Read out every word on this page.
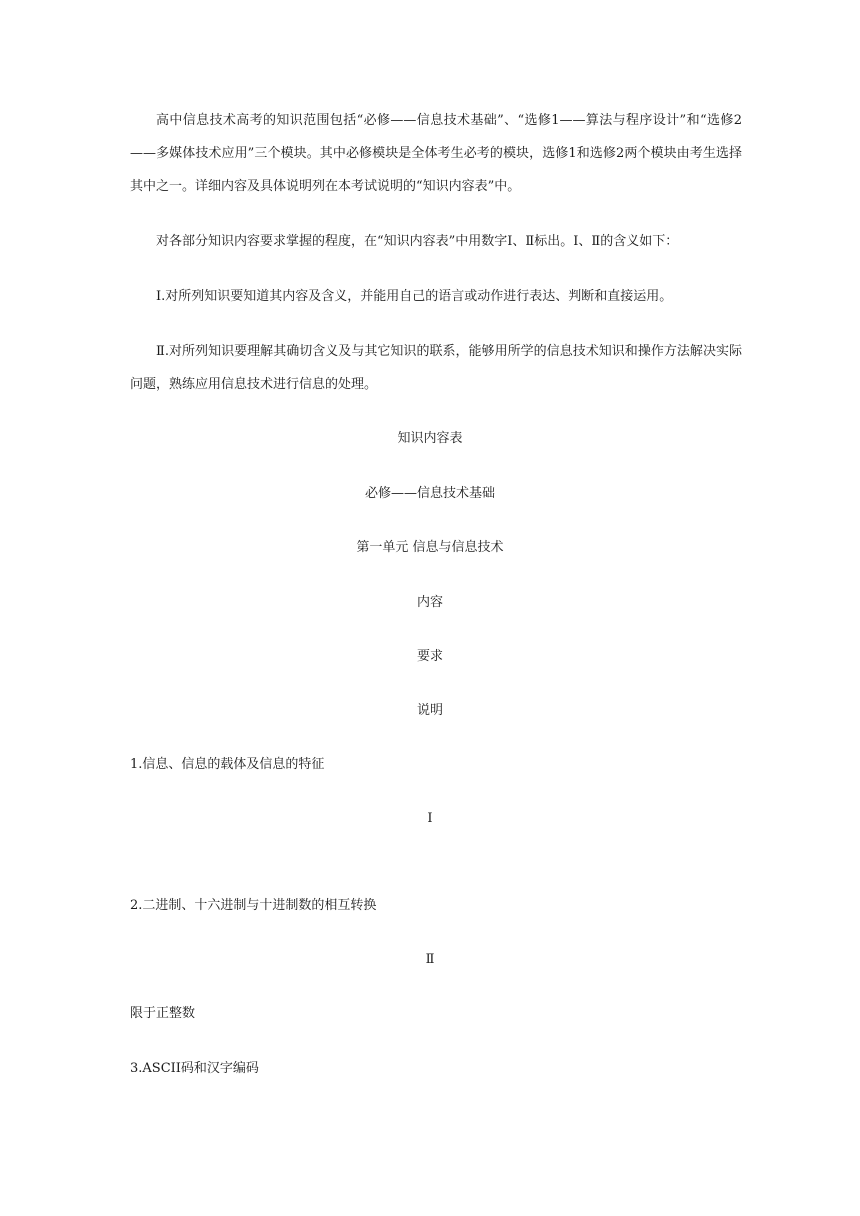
高中信息技术高考的知识范围包括“必修——信息技术基础”、“选修1——算法与程序设计”和“选修2——多媒体技术应用”三个模块。其中必修模块是全体考生必考的模块，选修1和选修2两个模块由考生选择其中之一。详细内容及具体说明列在本考试说明的“知识内容表”中。

对各部分知识内容要求掌握的程度，在“知识内容表”中用数字Ⅰ、Ⅱ标出。Ⅰ、Ⅱ的含义如下：

Ⅰ.对所列知识要知道其内容及含义，并能用自己的语言或动作进行表达、判断和直接运用。

Ⅱ.对所列知识要理解其确切含义及与其它知识的联系，能够用所学的信息技术知识和操作方法解决实际问题，熟练应用信息技术进行信息的处理。

知识内容表

必修——信息技术基础

第一单元 信息与信息技术

内容

要求

说明

1.信息、信息的载体及信息的特征

Ⅰ

2.二进制、十六进制与十进制数的相互转换

Ⅱ

限于正整数

3.ASCII码和汉字编码
